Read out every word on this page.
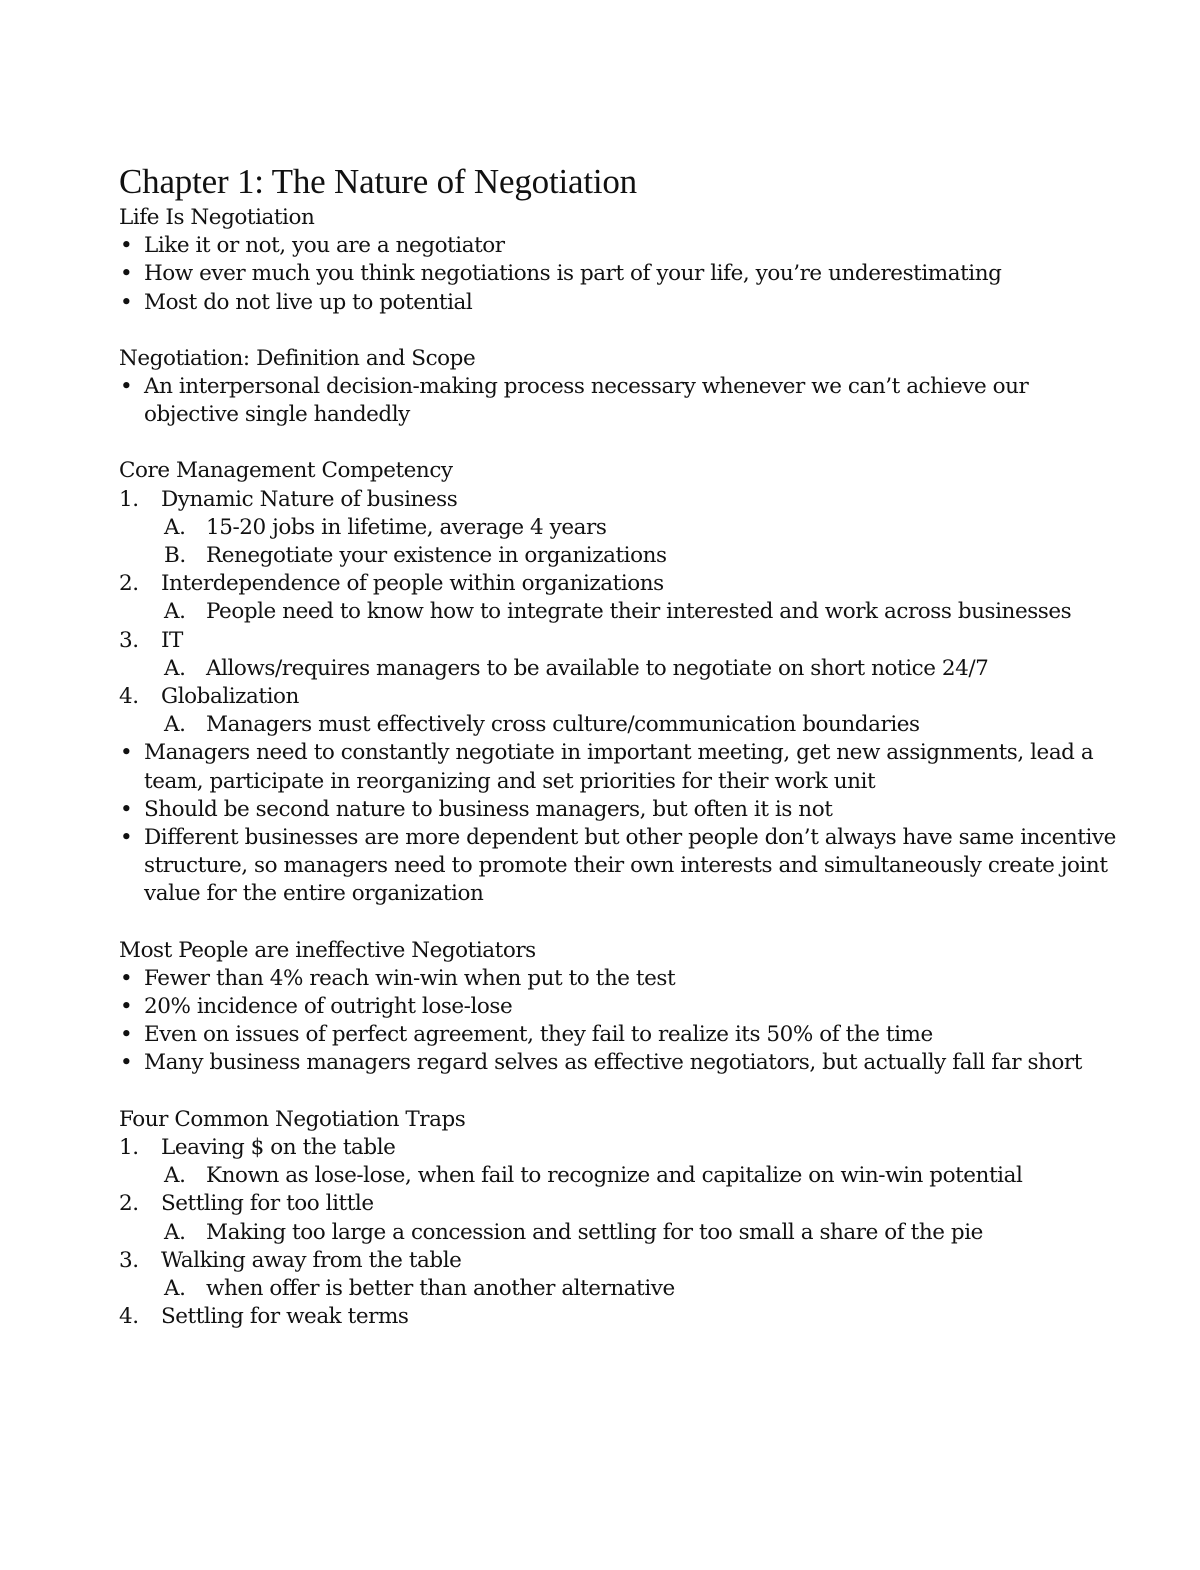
Chapter 1: The Nature of Negotiation
Life Is Negotiation
• Like it or not, you are a negotiator
• How ever much you think negotiations is part of your life, you’re underestimating
• Most do not live up to potential
Negotiation: Definition and Scope
• An interpersonal decision-making process necessary whenever we can’t achieve our objective single handedly
Core Management Competency
1. Dynamic Nature of business
A. 15-20 jobs in lifetime, average 4 years
B. Renegotiate your existence in organizations
2. Interdependence of people within organizations
A. People need to know how to integrate their interested and work across businesses
3. IT
A. Allows/requires managers to be available to negotiate on short notice 24/7
4. Globalization
A. Managers must effectively cross culture/communication boundaries
• Managers need to constantly negotiate in important meeting, get new assignments, lead a team, participate in reorganizing and set priorities for their work unit
• Should be second nature to business managers, but often it is not
• Different businesses are more dependent but other people don’t always have same incentive structure, so managers need to promote their own interests and simultaneously create joint value for the entire organization
Most People are ineffective Negotiators
• Fewer than 4% reach win-win when put to the test
• 20% incidence of outright lose-lose
• Even on issues of perfect agreement, they fail to realize its 50% of the time
• Many business managers regard selves as effective negotiators, but actually fall far short
Four Common Negotiation Traps
1. Leaving $ on the table
A. Known as lose-lose, when fail to recognize and capitalize on win-win potential
2. Settling for too little
A. Making too large a concession and settling for too small a share of the pie
3. Walking away from the table
A. when offer is better than another alternative
4. Settling for weak terms
